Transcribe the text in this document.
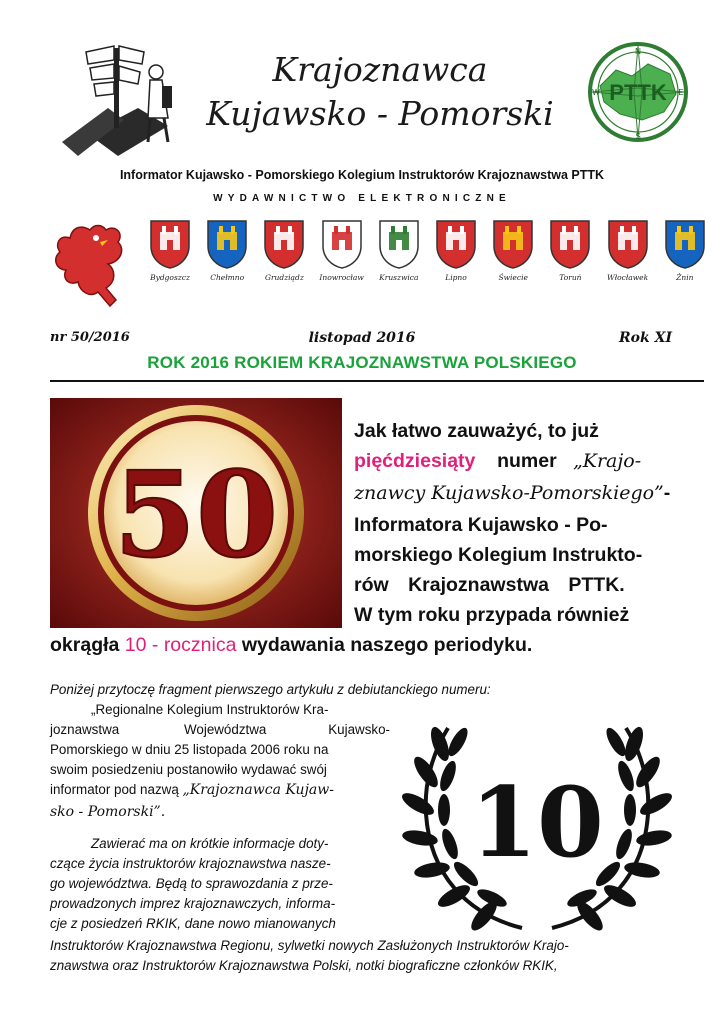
Krajoznawca
Kujawsko - Pomorski
PTTK
N
E
S
W
Informator Kujawsko - Pomorskiego Kolegium Instruktorów Krajoznawstwa PTTK
WYDAWNICTWO ELEKTRONICZNE
Bydgoszcz	Chełmno	Grudziądz	Inowrocław	Kruszwica	Lipno	Świecie	Toruń	Włocławek	Żnin
nr 50/2016	listopad 2016	Rok XI
ROK 2016 ROKIEM KRAJOZNAWSTWA POLSKIEGO
50
Jak łatwo zauważyć, to już
pięćdziesiąty numer „Krajo-
znawcy Kujawsko-Pomorskiego”-
Informatora Kujawsko - Po-
morskiego Kolegium Instrukto-
rów Krajoznawstwa PTTK.
W tym roku przypada również
okrągła 10 - rocznica wydawania naszego periodyku.
Poniżej przytoczę fragment pierwszego artykułu z debiutanckiego numeru:
„Regionalne Kolegium Instruktorów Kra-
joznawstwa	Województwa	Kujawsko-
Pomorskiego w dniu 25 listopada 2006 roku na
swoim posiedzeniu postanowiło wydawać swój
informator pod nazwą „Krajoznawca Kujaw-
sko - Pomorski”.
Zawierać ma on krótkie informacje doty-
czące życia instruktorów krajoznawstwa nasze-
go województwa. Będą to sprawozdania z prze-
prowadzonych imprez krajoznawczych, informa-
cje z posiedzeń RKIK, dane nowo mianowanych
Instruktorów Krajoznawstwa Regionu, sylwetki nowych Zasłużonych Instruktorów Krajo-
znawstwa oraz Instruktorów Krajoznawstwa Polski, notki biograficzne członków RKIK,
10
